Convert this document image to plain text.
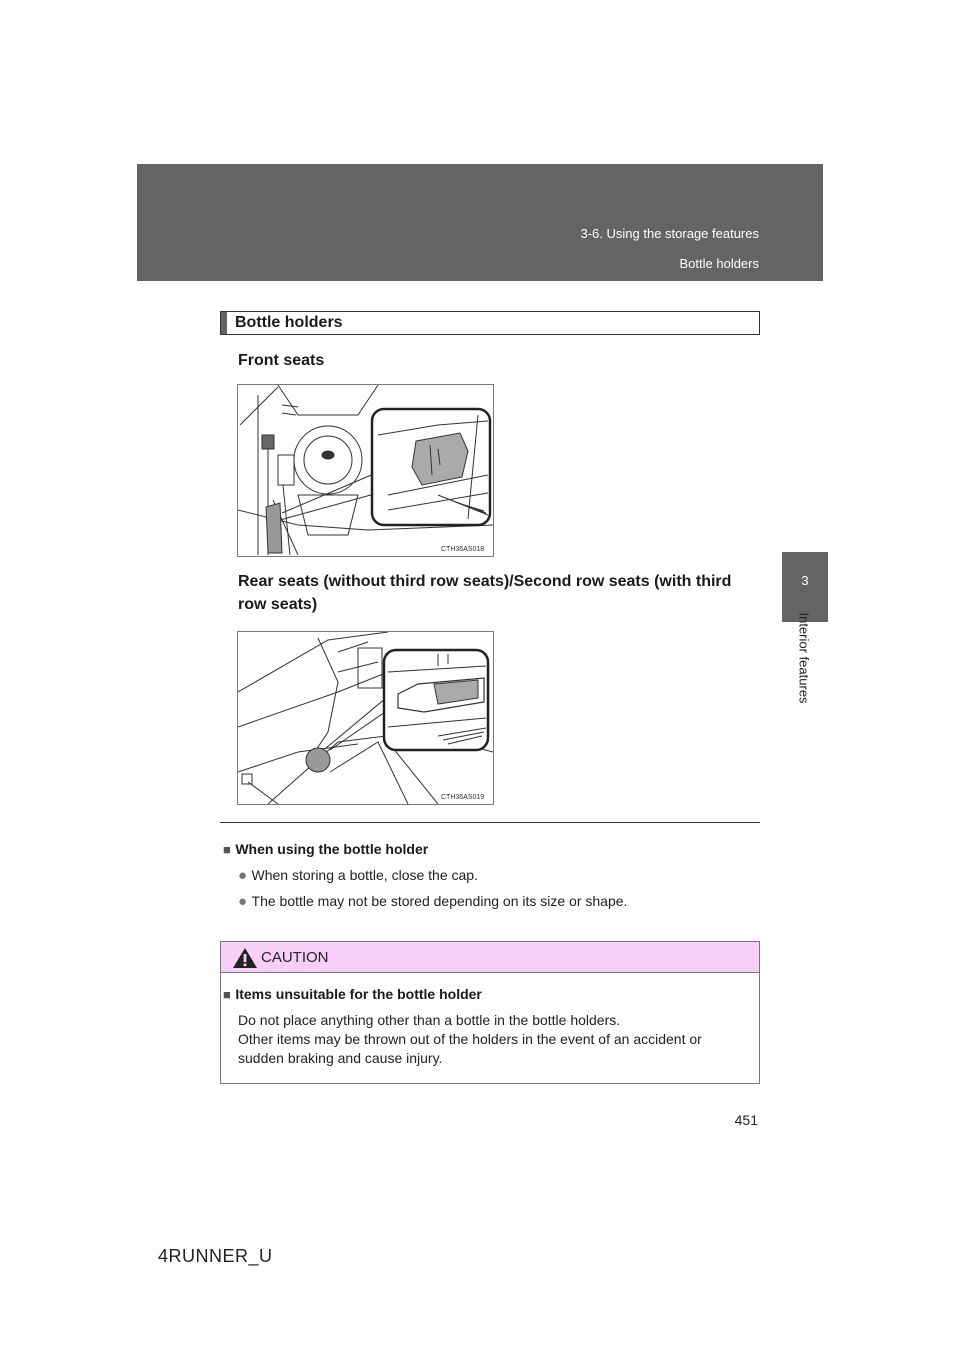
3-6. Using the storage features
Bottle holders
3
Interior features
Bottle holders
Front seats
CTH36AS018
Rear seats (without third row seats)/Second row seats (with third
row seats)
CTH36AS019
■ When using the bottle holder
● When storing a bottle, close the cap.
● The bottle may not be stored depending on its size or shape.
CAUTION
■ Items unsuitable for the bottle holder
Do not place anything other than a bottle in the bottle holders.
Other items may be thrown out of the holders in the event of an accident or
sudden braking and cause injury.
451
4RUNNER_U
